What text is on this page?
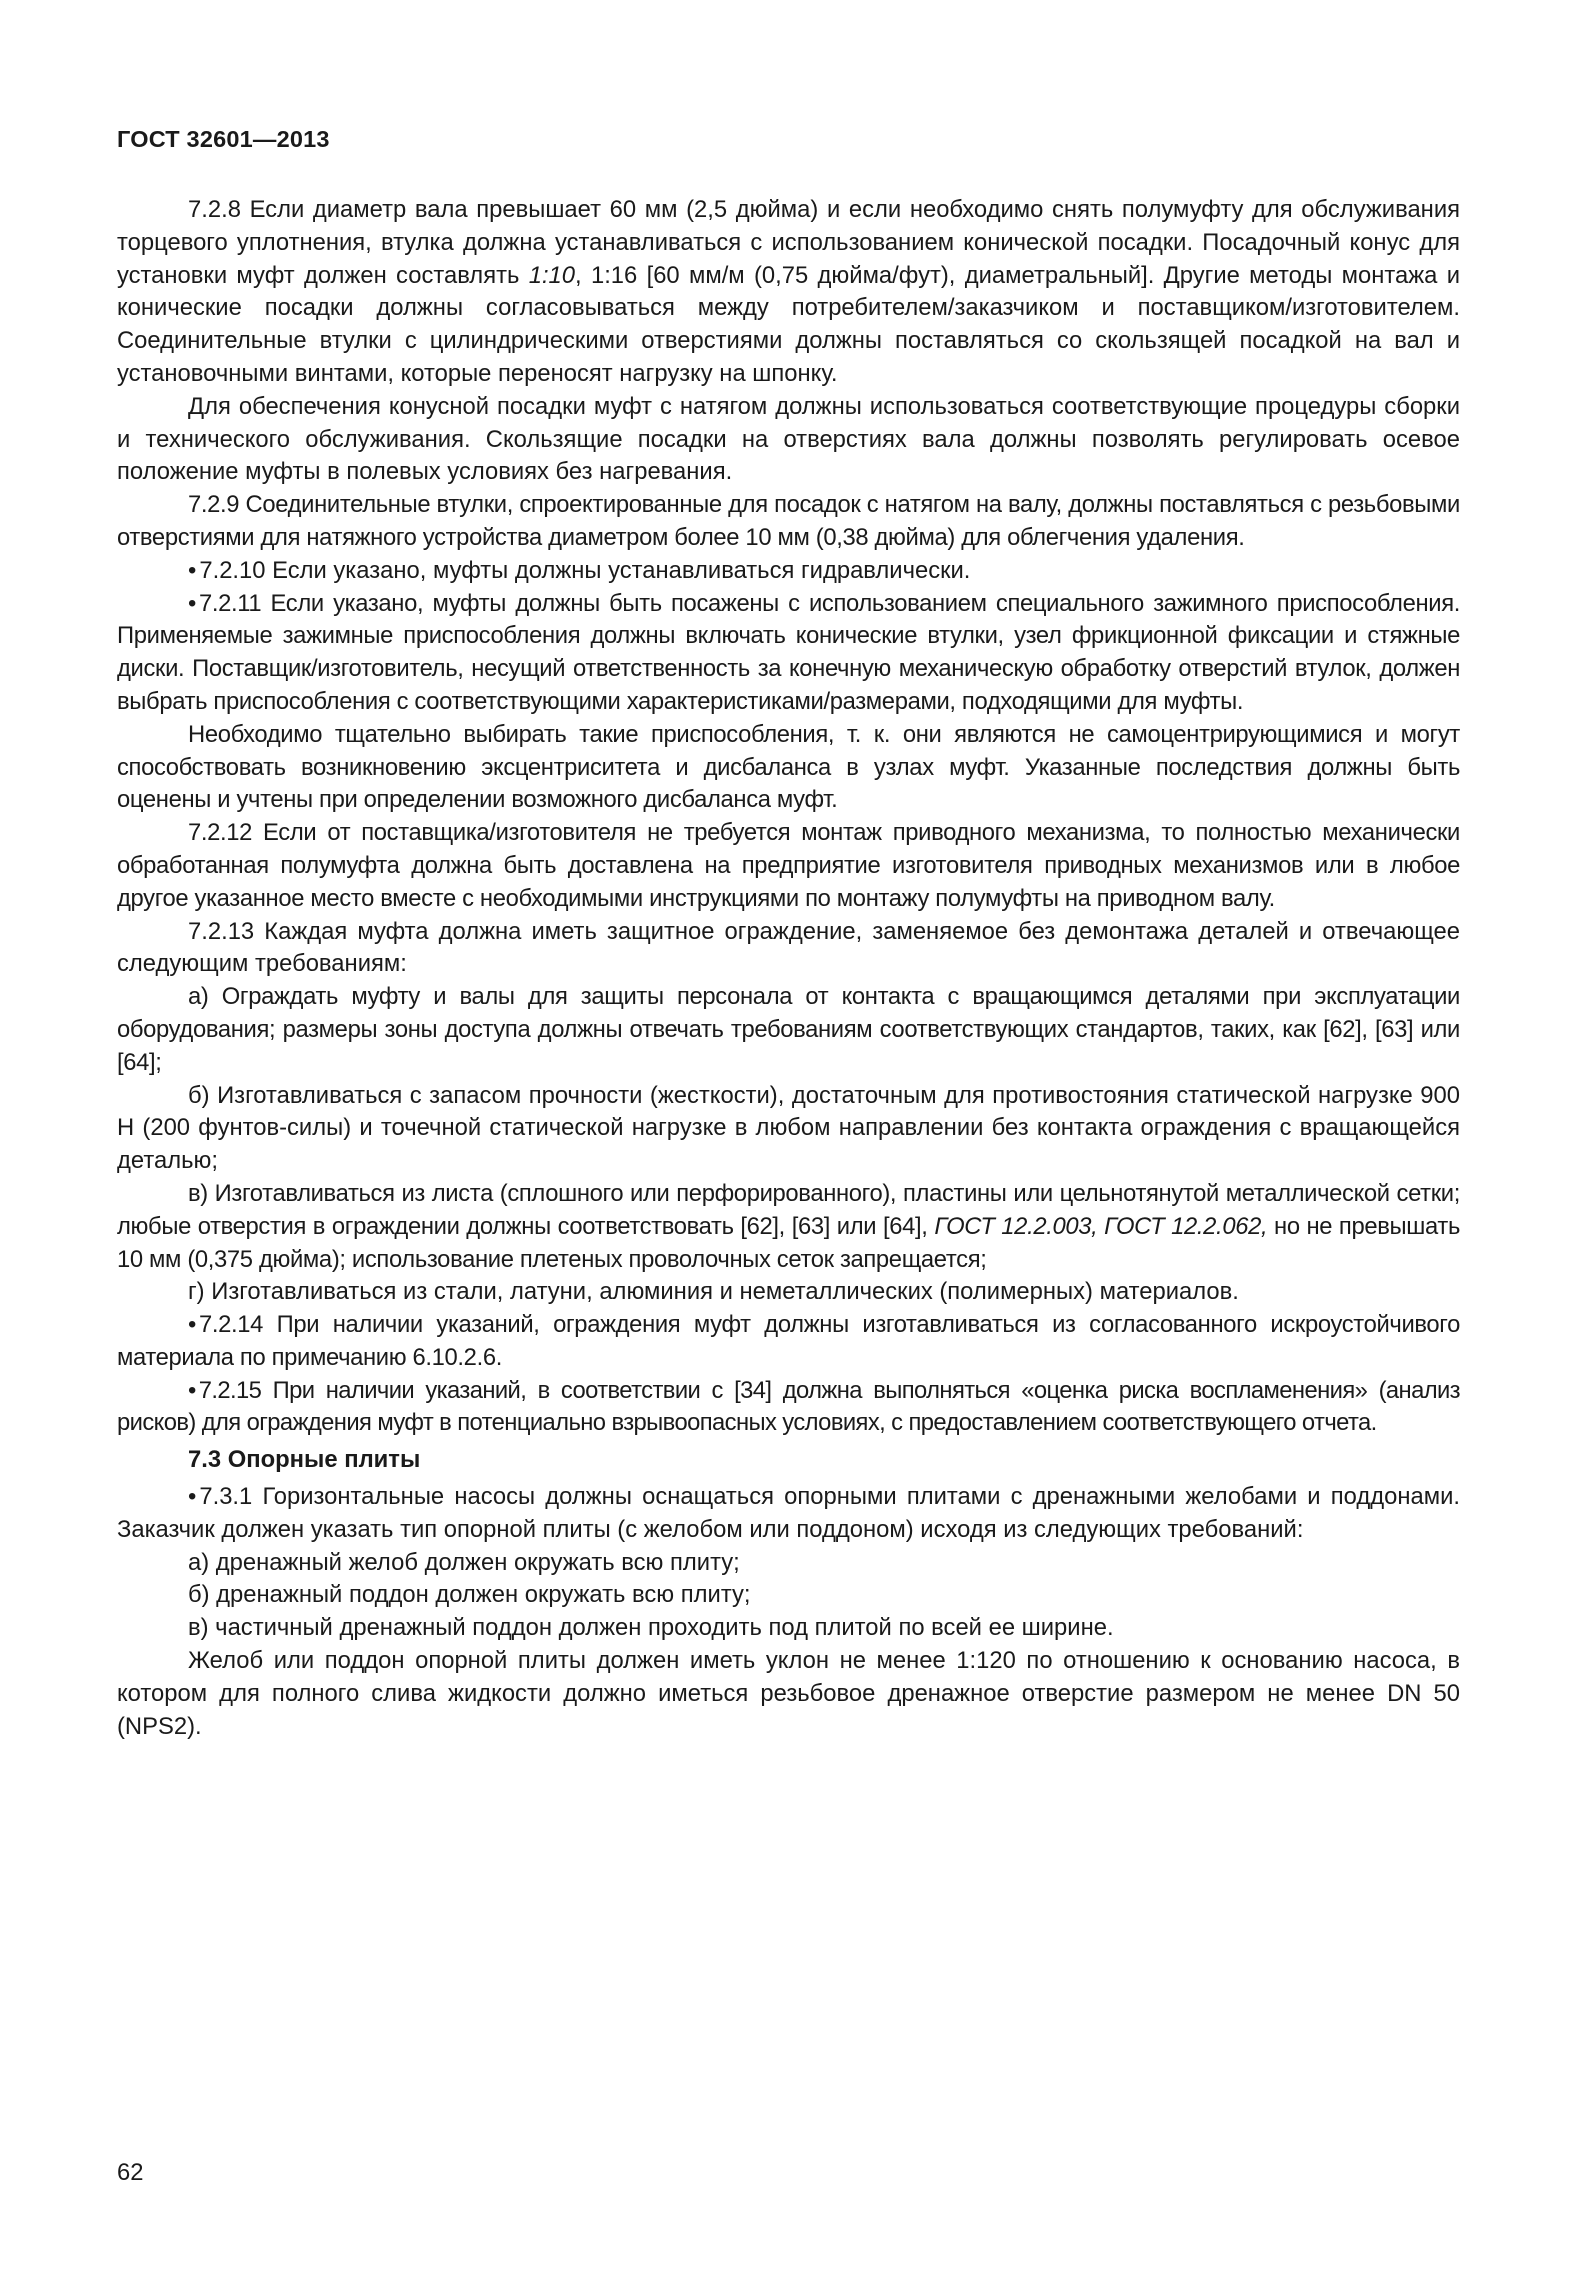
ГОСТ 32601—2013

7.2.8 Если диаметр вала превышает 60 мм (2,5 дюйма) и если необходимо снять полумуфту для обслуживания торцевого уплотнения, втулка должна устанавливаться с использованием конической посадки. Посадочный конус для установки муфт должен составлять 1:10, 1:16 [60 мм/м (0,75 дюйма/фут), диаметральный]. Другие методы монтажа и конические посадки должны согласовываться между потребителем/заказчиком и поставщиком/изготовителем. Соединительные втулки с цилиндрическими отверстиями должны поставляться со скользящей посадкой на вал и установочными винтами, которые переносят нагрузку на шпонку.

Для обеспечения конусной посадки муфт с натягом должны использоваться соответствующие процедуры сборки и технического обслуживания. Скользящие посадки на отверстиях вала должны позволять регулировать осевое положение муфты в полевых условиях без нагревания.

7.2.9 Соединительные втулки, спроектированные для посадок с натягом на валу, должны поставляться с резьбовыми отверстиями для натяжного устройства диаметром более 10 мм (0,38 дюйма) для облегчения удаления.

• 7.2.10 Если указано, муфты должны устанавливаться гидравлически.

• 7.2.11 Если указано, муфты должны быть посажены с использованием специального зажимного приспособления. Применяемые зажимные приспособления должны включать конические втулки, узел фрикционной фиксации и стяжные диски. Поставщик/изготовитель, несущий ответственность за конечную механическую обработку отверстий втулок, должен выбрать приспособления с соответствующими характеристиками/размерами, подходящими для муфты.

Необходимо тщательно выбирать такие приспособления, т. к. они являются не самоцентрирующимися и могут способствовать возникновению эксцентриситета и дисбаланса в узлах муфт. Указанные последствия должны быть оценены и учтены при определении возможного дисбаланса муфт.

7.2.12 Если от поставщика/изготовителя не требуется монтаж приводного механизма, то полностью механически обработанная полумуфта должна быть доставлена на предприятие изготовителя приводных механизмов или в любое другое указанное место вместе с необходимыми инструкциями по монтажу полумуфты на приводном валу.

7.2.13 Каждая муфта должна иметь защитное ограждение, заменяемое без демонтажа деталей и отвечающее следующим требованиям:

а) Ограждать муфту и валы для защиты персонала от контакта с вращающимся деталями при эксплуатации оборудования; размеры зоны доступа должны отвечать требованиям соответствующих стандартов, таких, как [62], [63] или [64];

б) Изготавливаться с запасом прочности (жесткости), достаточным для противостояния статической нагрузке 900 Н (200 фунтов-силы) и точечной статической нагрузке в любом направлении без контакта ограждения с вращающейся деталью;

в) Изготавливаться из листа (сплошного или перфорированного), пластины или цельнотянутой металлической сетки; любые отверстия в ограждении должны соответствовать [62], [63] или [64], ГОСТ 12.2.003, ГОСТ 12.2.062, но не превышать 10 мм (0,375 дюйма); использование плетеных проволочных сеток запрещается;

г) Изготавливаться из стали, латуни, алюминия и неметаллических (полимерных) материалов.

• 7.2.14 При наличии указаний, ограждения муфт должны изготавливаться из согласованного искроустойчивого материала по примечанию 6.10.2.6.

• 7.2.15 При наличии указаний, в соответствии с [34] должна выполняться «оценка риска воспламенения» (анализ рисков) для ограждения муфт в потенциально взрывоопасных условиях, с предоставлением соответствующего отчета.

7.3 Опорные плиты

• 7.3.1 Горизонтальные насосы должны оснащаться опорными плитами с дренажными желобами и поддонами. Заказчик должен указать тип опорной плиты (с желобом или поддоном) исходя из следующих требований:

а) дренажный желоб должен окружать всю плиту;

б) дренажный поддон должен окружать всю плиту;

в) частичный дренажный поддон должен проходить под плитой по всей ее ширине.

Желоб или поддон опорной плиты должен иметь уклон не менее 1:120 по отношению к основанию насоса, в котором для полного слива жидкости должно иметься резьбовое дренажное отверстие размером не менее DN 50 (NPS2).

62
